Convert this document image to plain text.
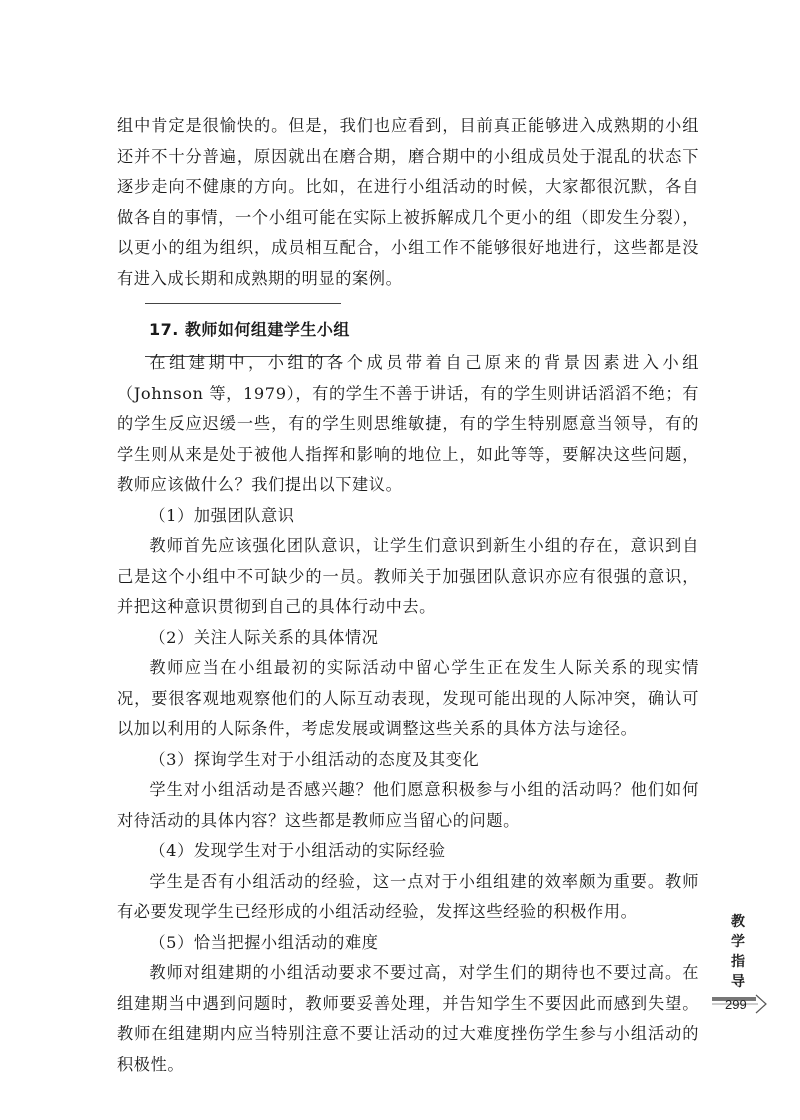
组中肯定是很愉快的。但是，我们也应看到，目前真正能够进入成熟期的小组还并不十分普遍，原因就出在磨合期，磨合期中的小组成员处于混乱的状态下逐步走向不健康的方向。比如，在进行小组活动的时候，大家都很沉默，各自做各自的事情，一个小组可能在实际上被拆解成几个更小的组（即发生分裂），以更小的组为组织，成员相互配合，小组工作不能够很好地进行，这些都是没有进入成长期和成熟期的明显的案例。

17. 教师如何组建学生小组

在组建期中，小组的各个成员带着自己原来的背景因素进入小组（Johnson 等，1979），有的学生不善于讲话，有的学生则讲话滔滔不绝；有的学生反应迟缓一些，有的学生则思维敏捷，有的学生特别愿意当领导，有的学生则从来是处于被他人指挥和影响的地位上，如此等等，要解决这些问题，教师应该做什么？我们提出以下建议。

（1）加强团队意识

教师首先应该强化团队意识，让学生们意识到新生小组的存在，意识到自己是这个小组中不可缺少的一员。教师关于加强团队意识亦应有很强的意识，并把这种意识贯彻到自己的具体行动中去。

（2）关注人际关系的具体情况

教师应当在小组最初的实际活动中留心学生正在发生人际关系的现实情况，要很客观地观察他们的人际互动表现，发现可能出现的人际冲突，确认可以加以利用的人际条件，考虑发展或调整这些关系的具体方法与途径。

（3）探询学生对于小组活动的态度及其变化

学生对小组活动是否感兴趣？他们愿意积极参与小组的活动吗？他们如何对待活动的具体内容？这些都是教师应当留心的问题。

（4）发现学生对于小组活动的实际经验

学生是否有小组活动的经验，这一点对于小组组建的效率颇为重要。教师有必要发现学生已经形成的小组活动经验，发挥这些经验的积极作用。

（5）恰当把握小组活动的难度

教师对组建期的小组活动要求不要过高，对学生们的期待也不要过高。在组建期当中遇到问题时，教师要妥善处理，并告知学生不要因此而感到失望。教师在组建期内应当特别注意不要让活动的过大难度挫伤学生参与小组活动的积极性。

教
学
指
导
299
